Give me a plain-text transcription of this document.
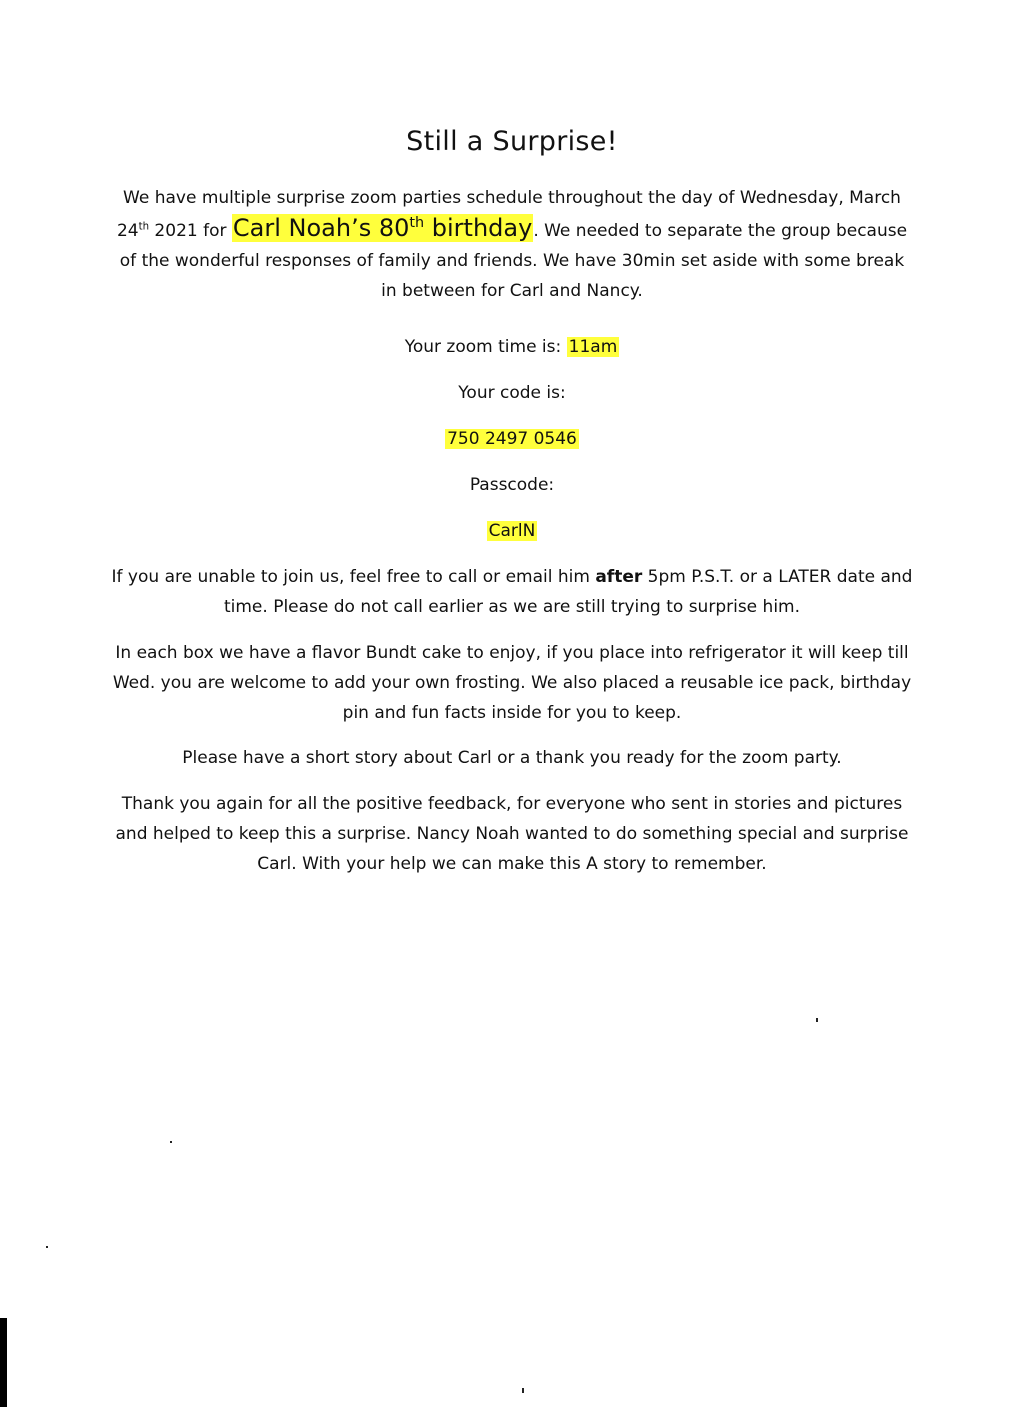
Still a Surprise!
We have multiple surprise zoom parties schedule throughout the day of Wednesday, March 24th 2021 for Carl Noah’s 80th birthday. We needed to separate the group because of the wonderful responses of family and friends. We have 30min set aside with some break in between for Carl and Nancy.
Your zoom time is: 11am
Your code is:
750 2497 0546
Passcode:
CarlN
If you are unable to join us, feel free to call or email him after 5pm P.S.T. or a LATER date and time. Please do not call earlier as we are still trying to surprise him.
In each box we have a flavor Bundt cake to enjoy, if you place into refrigerator it will keep till Wed. you are welcome to add your own frosting. We also placed a reusable ice pack, birthday pin and fun facts inside for you to keep.
Please have a short story about Carl or a thank you ready for the zoom party.
Thank you again for all the positive feedback, for everyone who sent in stories and pictures and helped to keep this a surprise. Nancy Noah wanted to do something special and surprise Carl. With your help we can make this A story to remember.
